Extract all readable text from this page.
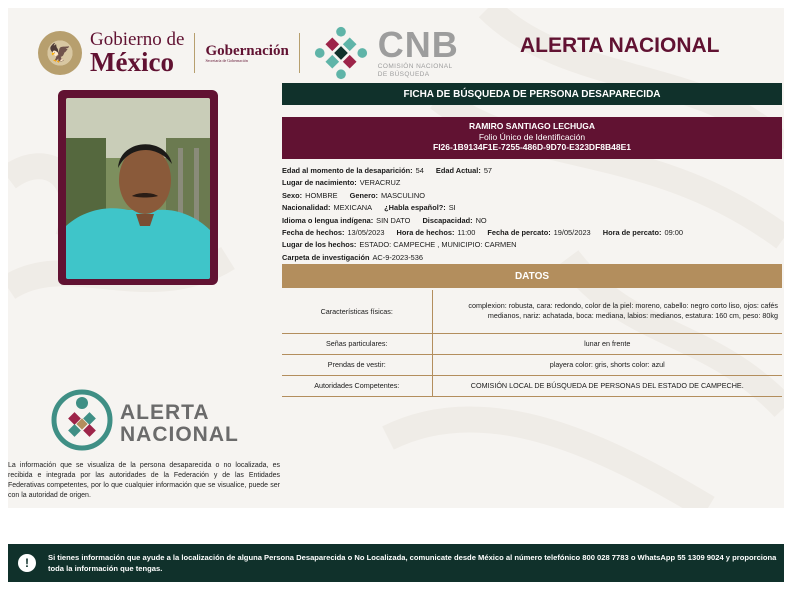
🦅
Gobierno de
México	Gobernación
Secretaría de Gobernación	CNB
COMISIÓN NACIONAL
DE BÚSQUEDA
ALERTA NACIONAL
FICHA DE BÚSQUEDA DE PERSONA DESAPARECIDA
RAMIRO SANTIAGO LECHUGA
Folio Único de Identificación
FI26-1B9134F1E-7255-486D-9D70-E323DF8B48E1
Edad al momento de la desaparición: 54 Edad Actual: 57
Lugar de nacimiento: VERACRUZ
Sexo: HOMBRE Genero: MASCULINO
Nacionalidad: MEXICANA ¿Habla español?: SI
Idioma o lengua indígena: SIN DATO Discapacidad: NO
Fecha de hechos: 13/05/2023 Hora de hechos: 11:00 Fecha de percato: 19/05/2023 Hora de percato: 09:00
Lugar de los hechos: ESTADO: CAMPECHE , MUNICIPIO: CARMEN
Carpeta de investigación AC-9-2023-536
DATOS
Características físicas:	complexion: robusta, cara: redondo, color de la piel: moreno, cabello: negro corto liso, ojos: cafés medianos, nariz: achatada, boca: mediana, labios: medianos, estatura: 160 cm, peso: 80kg
Señas particulares:	lunar en frente
Prendas de vestir:	playera color: gris, shorts color: azul
Autoridades Competentes:	COMISIÓN LOCAL DE BÚSQUEDA DE PERSONAS DEL ESTADO DE CAMPECHE.
ALERTA
NACIONAL
La información que se visualiza de la persona desaparecida o no localizada, es recibida e integrada por las autoridades de la Federación y de las Entidades Federativas competentes, por lo que cualquier información que se visualice, puede ser con la autoridad de origen.
!	Si tienes información que ayude a la localización de alguna Persona Desaparecida o No Localizada, comunicate desde México al número telefónico 800 028 7783 o WhatsApp 55 1309 9024 y proporciona toda la información que tengas.
